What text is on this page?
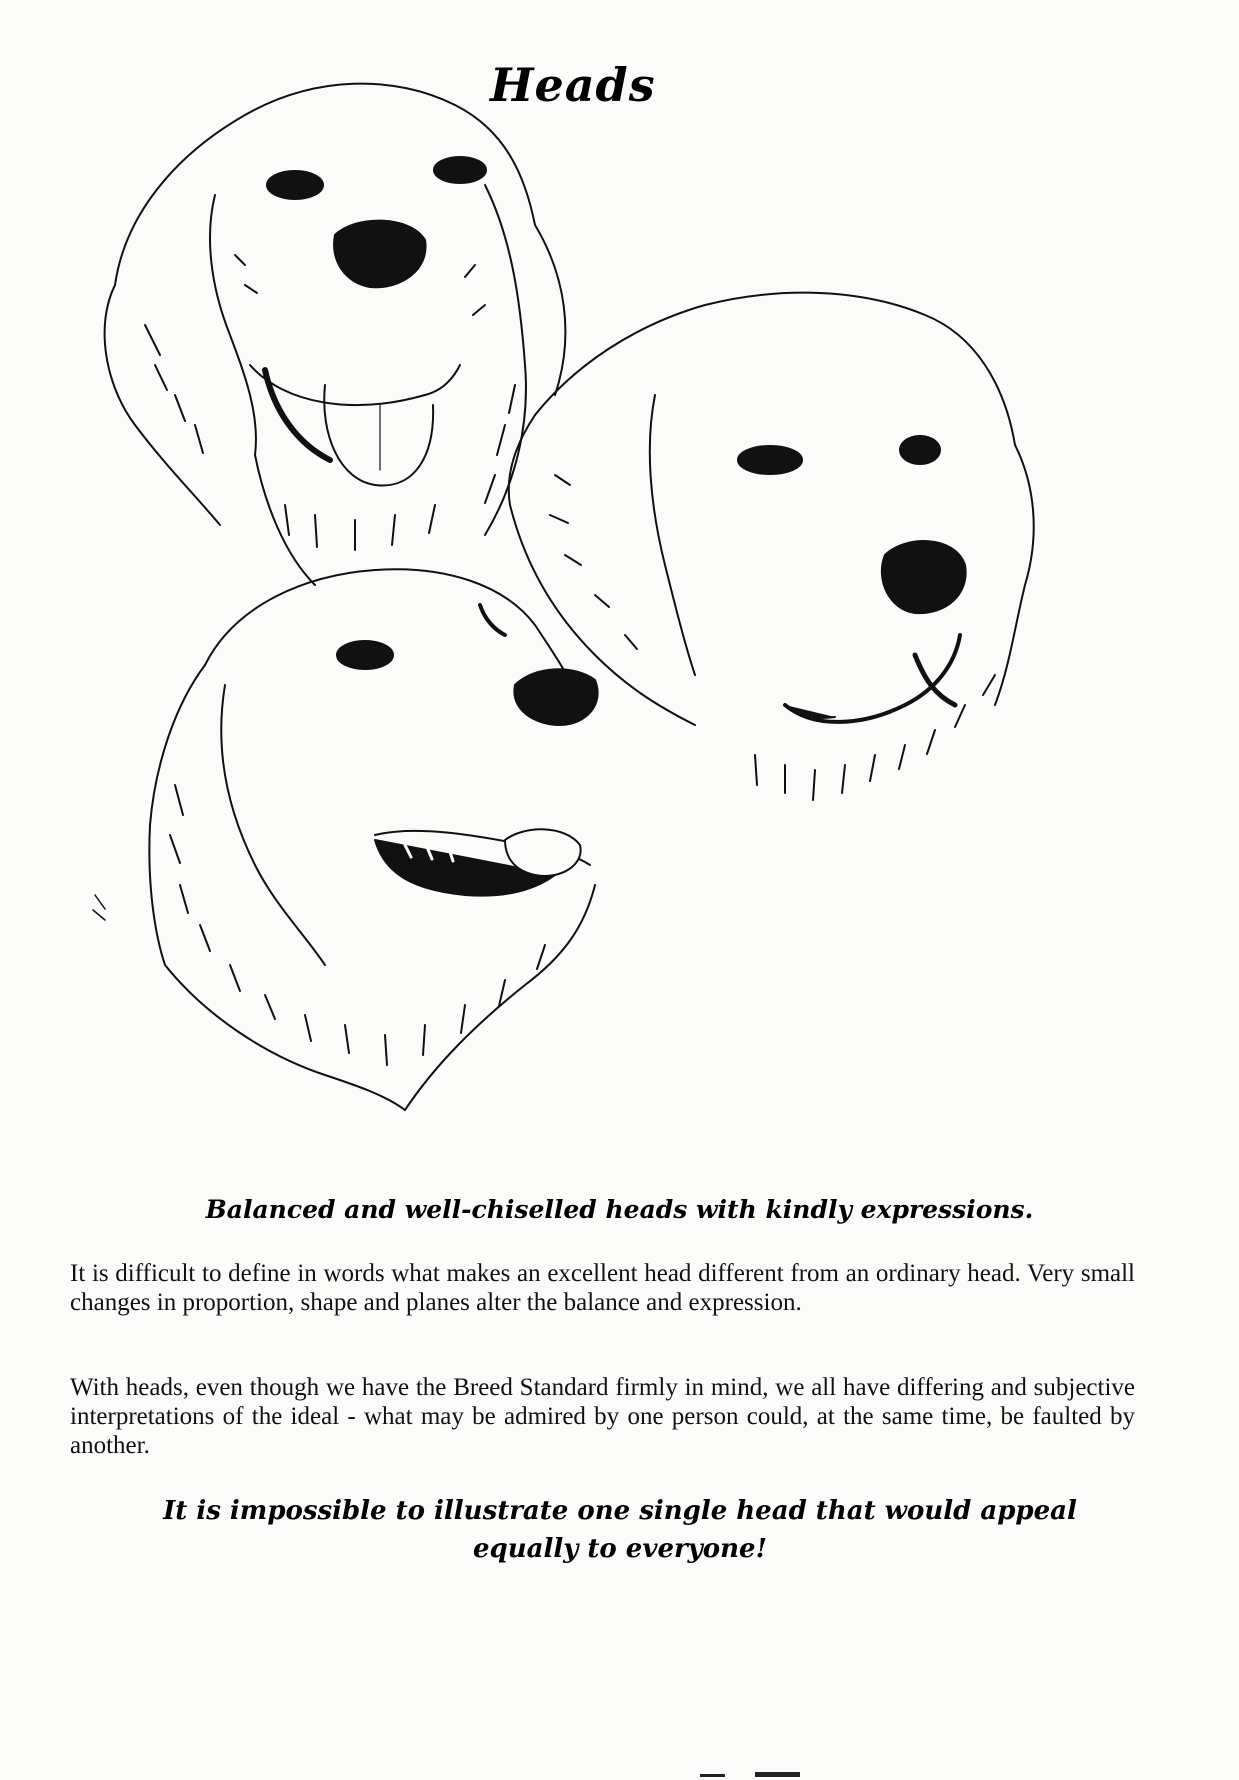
Heads
Balanced and well-chiselled heads with kindly expressions.
It is difficult to define in words what makes an excellent head different from an ordinary head. Very small changes in proportion, shape and planes alter the balance and expression.
With heads, even though we have the Breed Standard firmly in mind, we all have differing and subjective interpretations of the ideal - what may be admired by one person could, at the same time, be faulted by another.
It is impossible to illustrate one single head that would appeal equally to everyone!
